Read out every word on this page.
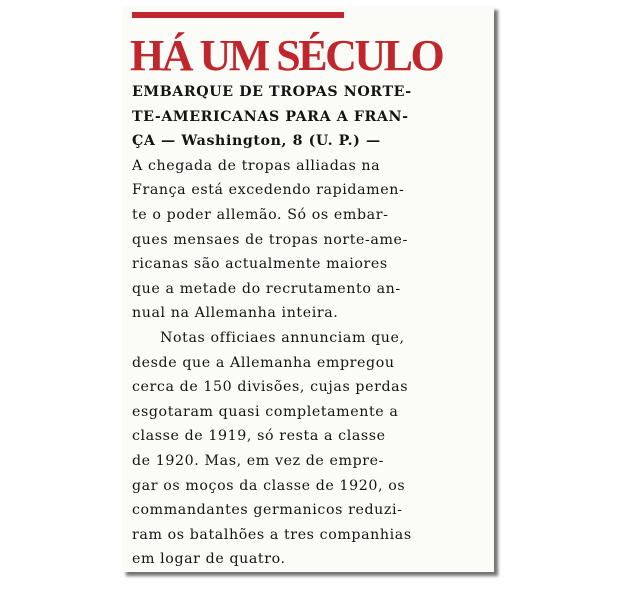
HÁ UM SÉCULO

EMBARQUE DE TROPAS NORTE-
TE-AMERICANAS PARA A FRAN-
ÇA — Washington, 8 (U. P.) —

A chegada de tropas alliadas na
França está excedendo rapidamen-
te o poder allemão. Só os embar-
ques mensaes de tropas norte-ame-
ricanas são actualmente maiores
que a metade do recrutamento an-
nual na Allemanha inteira.

Notas officiaes annunciam que,
desde que a Allemanha empregou
cerca de 150 divisões, cujas perdas
esgotaram quasi completamente a
classe de 1919, só resta a classe
de 1920. Mas, em vez de empre-
gar os moços da classe de 1920, os
commandantes germanicos reduzi-
ram os batalhões a tres companhias
em logar de quatro.
